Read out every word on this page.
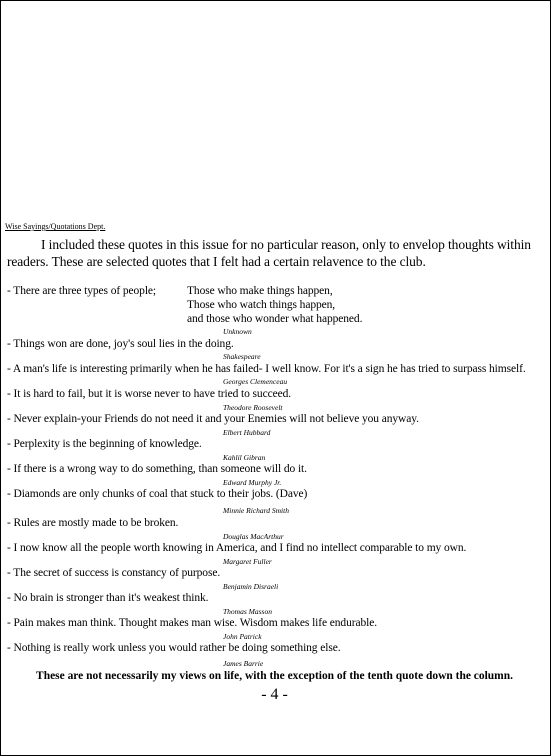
Wise Sayings/Quotations Dept.
I included these quotes in this issue for no particular reason, only to envelop thoughts within
readers. These are selected quotes that I felt had a certain relavence to the club.
- There are three types of people;	Those who make things happen,
Those who watch things happen,
and those who wonder what happened.
Unknown
- Things won are done, joy's soul lies in the doing.
Shakespeare
- A man's life is interesting primarily when he has failed- I well know. For it's a sign he has tried to surpass himself.
Georges Clemenceau
- It is hard to fail, but it is worse never to have tried to succeed.
Theodore Roosevelt
- Never explain-your Friends do not need it and your Enemies will not believe you anyway.
Elbert Hubbard
- Perplexity is the beginning of knowledge.
Kahlil Gibran
- If there is a wrong way to do something, than someone will do it.
Edward Murphy Jr.
- Diamonds are only chunks of coal that stuck to their jobs. (Dave)
Minnie Richard Smith
- Rules are mostly made to be broken.
Douglas MacArthur
- I now know all the people worth knowing in America, and I find no intellect comparable to my own.
Margaret Fuller
- The secret of success is constancy of purpose.
Benjamin Disraeli
- No brain is stronger than it's weakest think.
Thomas Masson
- Pain makes man think. Thought makes man wise. Wisdom makes life endurable.
John Patrick
- Nothing is really work unless you would rather be doing something else.
James Barrie
These are not necessarily my views on life, with the exception of the tenth quote down the column.
- 4 -
